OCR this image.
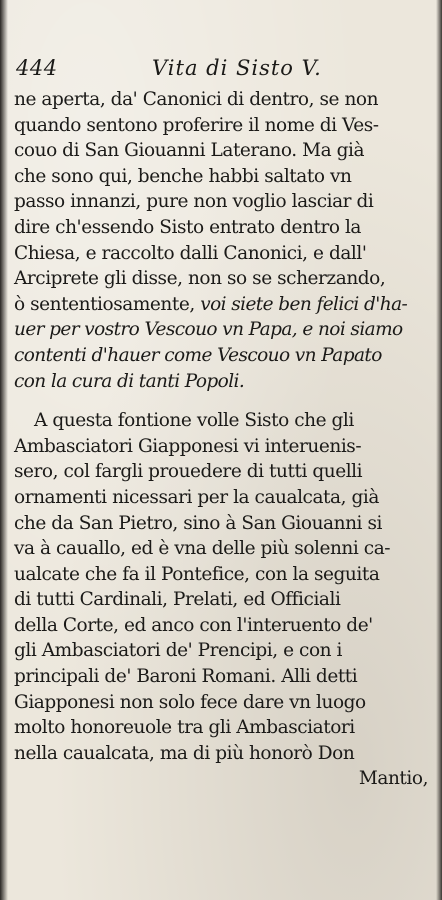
444	Vita di Sisto V.
ne aperta, da' Canonici di dentro, se non
quando sentono proferire il nome di Ves-
couo di San Giouanni Laterano. Ma già
che sono qui, benche habbi saltato vn
passo innanzi, pure non voglio lasciar di
dire ch'essendo Sisto entrato dentro la
Chiesa, e raccolto dalli Canonici, e dall'
Arciprete gli disse, non so se scherzando,
ò sententiosamente, voi siete ben felici d'ha-
uer per vostro Vescouo vn Papa, e noi siamo
contenti d'hauer come Vescouo vn Papato
con la cura di tanti Popoli.
A questa fontione volle Sisto che gli
Ambasciatori Giapponesi vi interuenis-
sero, col fargli prouedere di tutti quelli
ornamenti nicessari per la caualcata, già
che da San Pietro, sino à San Giouanni si
va à cauallo, ed è vna delle più solenni ca-
ualcate che fa il Pontefice, con la seguita
di tutti Cardinali, Prelati, ed Officiali
della Corte, ed anco con l'interuento de'
gli Ambasciatori de' Prencipi, e con i
principali de' Baroni Romani. Alli detti
Giapponesi non solo fece dare vn luogo
molto honoreuole tra gli Ambasciatori
nella caualcata, ma di più honorò Don
Mantio,
